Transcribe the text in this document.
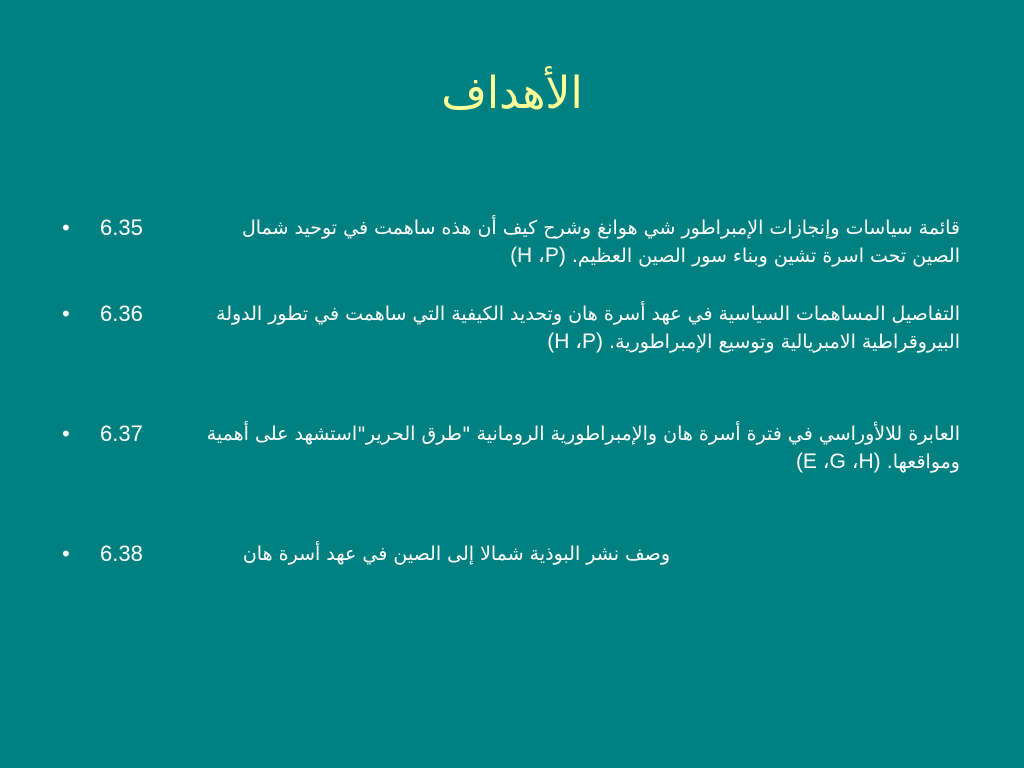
الأهداف
•	6.35	قائمة سياسات وإنجازات الإمبراطور شي هوانغ وشرح كيف أن هذه ساهمت في توحيد شمال
الصين تحت اسرة تشين وبناء سور الصين العظيم. (H ،P)
•	6.36	التفاصيل المساهمات السياسية في عهد أسرة هان وتحديد الكيفية التي ساهمت في تطور الدولة
البيروقراطية الامبريالية وتوسيع الإمبراطورية. (H ،P)
•	6.37	العابرة للالأوراسي في فترة أسرة هان والإمبراطورية الرومانية "طرق الحرير"استشهد على أهمية
ومواقعها. (E ،G ،H)
•	6.38	وصف نشر البوذية شمالا إلى الصين في عهد أسرة هان
